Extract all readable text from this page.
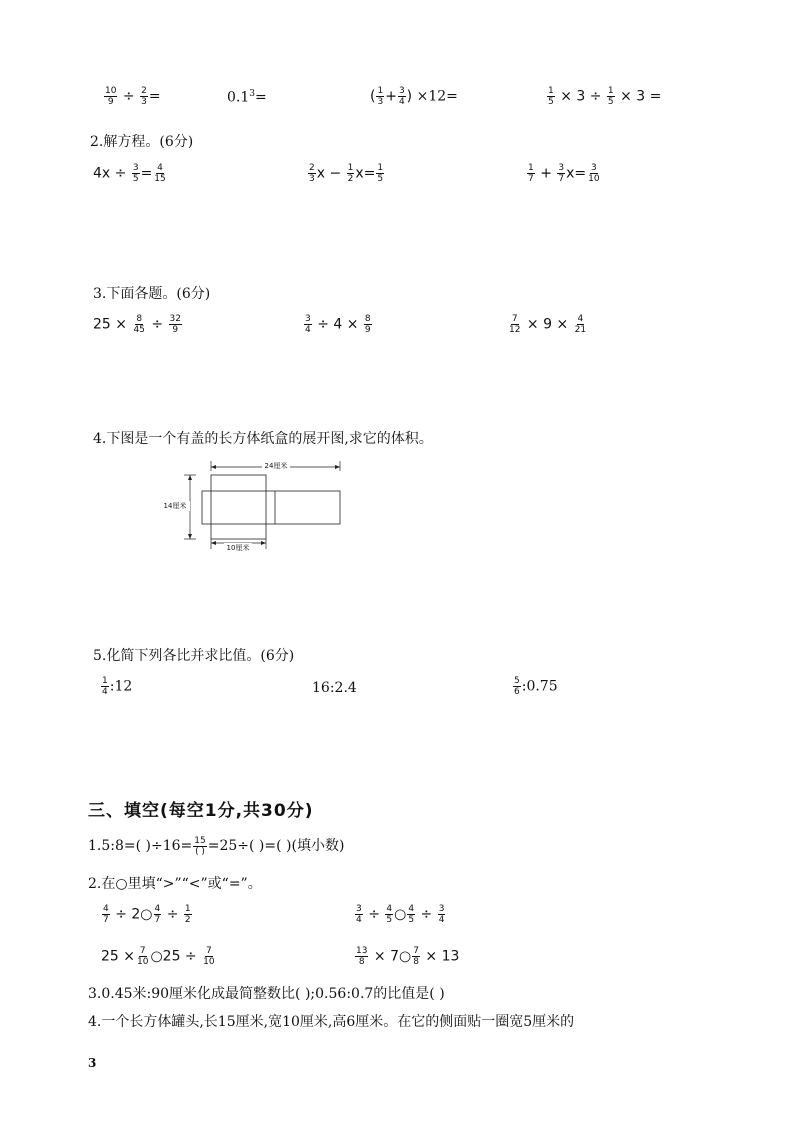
$\frac{10}{9} \div \frac{2}{3}$ =	$0.1^3=$	( $\frac{1}{3} + \frac{3}{4}$ ) ×12=	$\frac{1}{5} \times 3 \div \frac{1}{5} \times 3$ =
2.解方程。(6分)
$4x \div \frac{3}{5} = \frac{4}{15}$	$\frac{2}{3}$ $x - \frac{1}{2} x= \frac{1}{5}$	$\frac{1}{7} + \frac{3}{7} x= \frac{3}{10}$
3.下面各题。(6分)
$25 \times \frac{8}{45} \div \frac{32}{9}$	$\frac{3}{4} \div 4 \times \frac{8}{9}$	$\frac{7}{12} \times 9 \times \frac{4}{21}$
4.下图是一个有盖的长方体纸盒的展开图,求它的体积。
24厘米
14厘米
10厘米
5.化简下列各比并求比值。(6分)
$\frac{1}{4}$ :12	16:2.4	$\frac{5}{6}$ :0.75
三、填空(每空1分,共30分)
1.5:8=( )$\div 16= \frac{15}{( )} =25\div$( )=( )(填小数)
2.在○里填“>”“<”或“=”。
$\frac{4}{7}$ ÷ 2○ $\frac{4}{7} \div \frac{1}{2}$	$\frac{3}{4} \div \frac{4}{5}$ ○ $\frac{4}{5} \div \frac{3}{4}$
$25 \times \frac{7}{10}$ ○25 ÷ $\frac{7}{10}$	$\frac{13}{8}$ × 7○ $\frac{7}{8} \times 13$
3.0.45米:90厘米化成最简整数比( );0.56:0.7的比值是( )
4.一个长方体罐头,长15厘米,宽10厘米,高6厘米。在它的侧面贴一圈宽5厘米的
3
